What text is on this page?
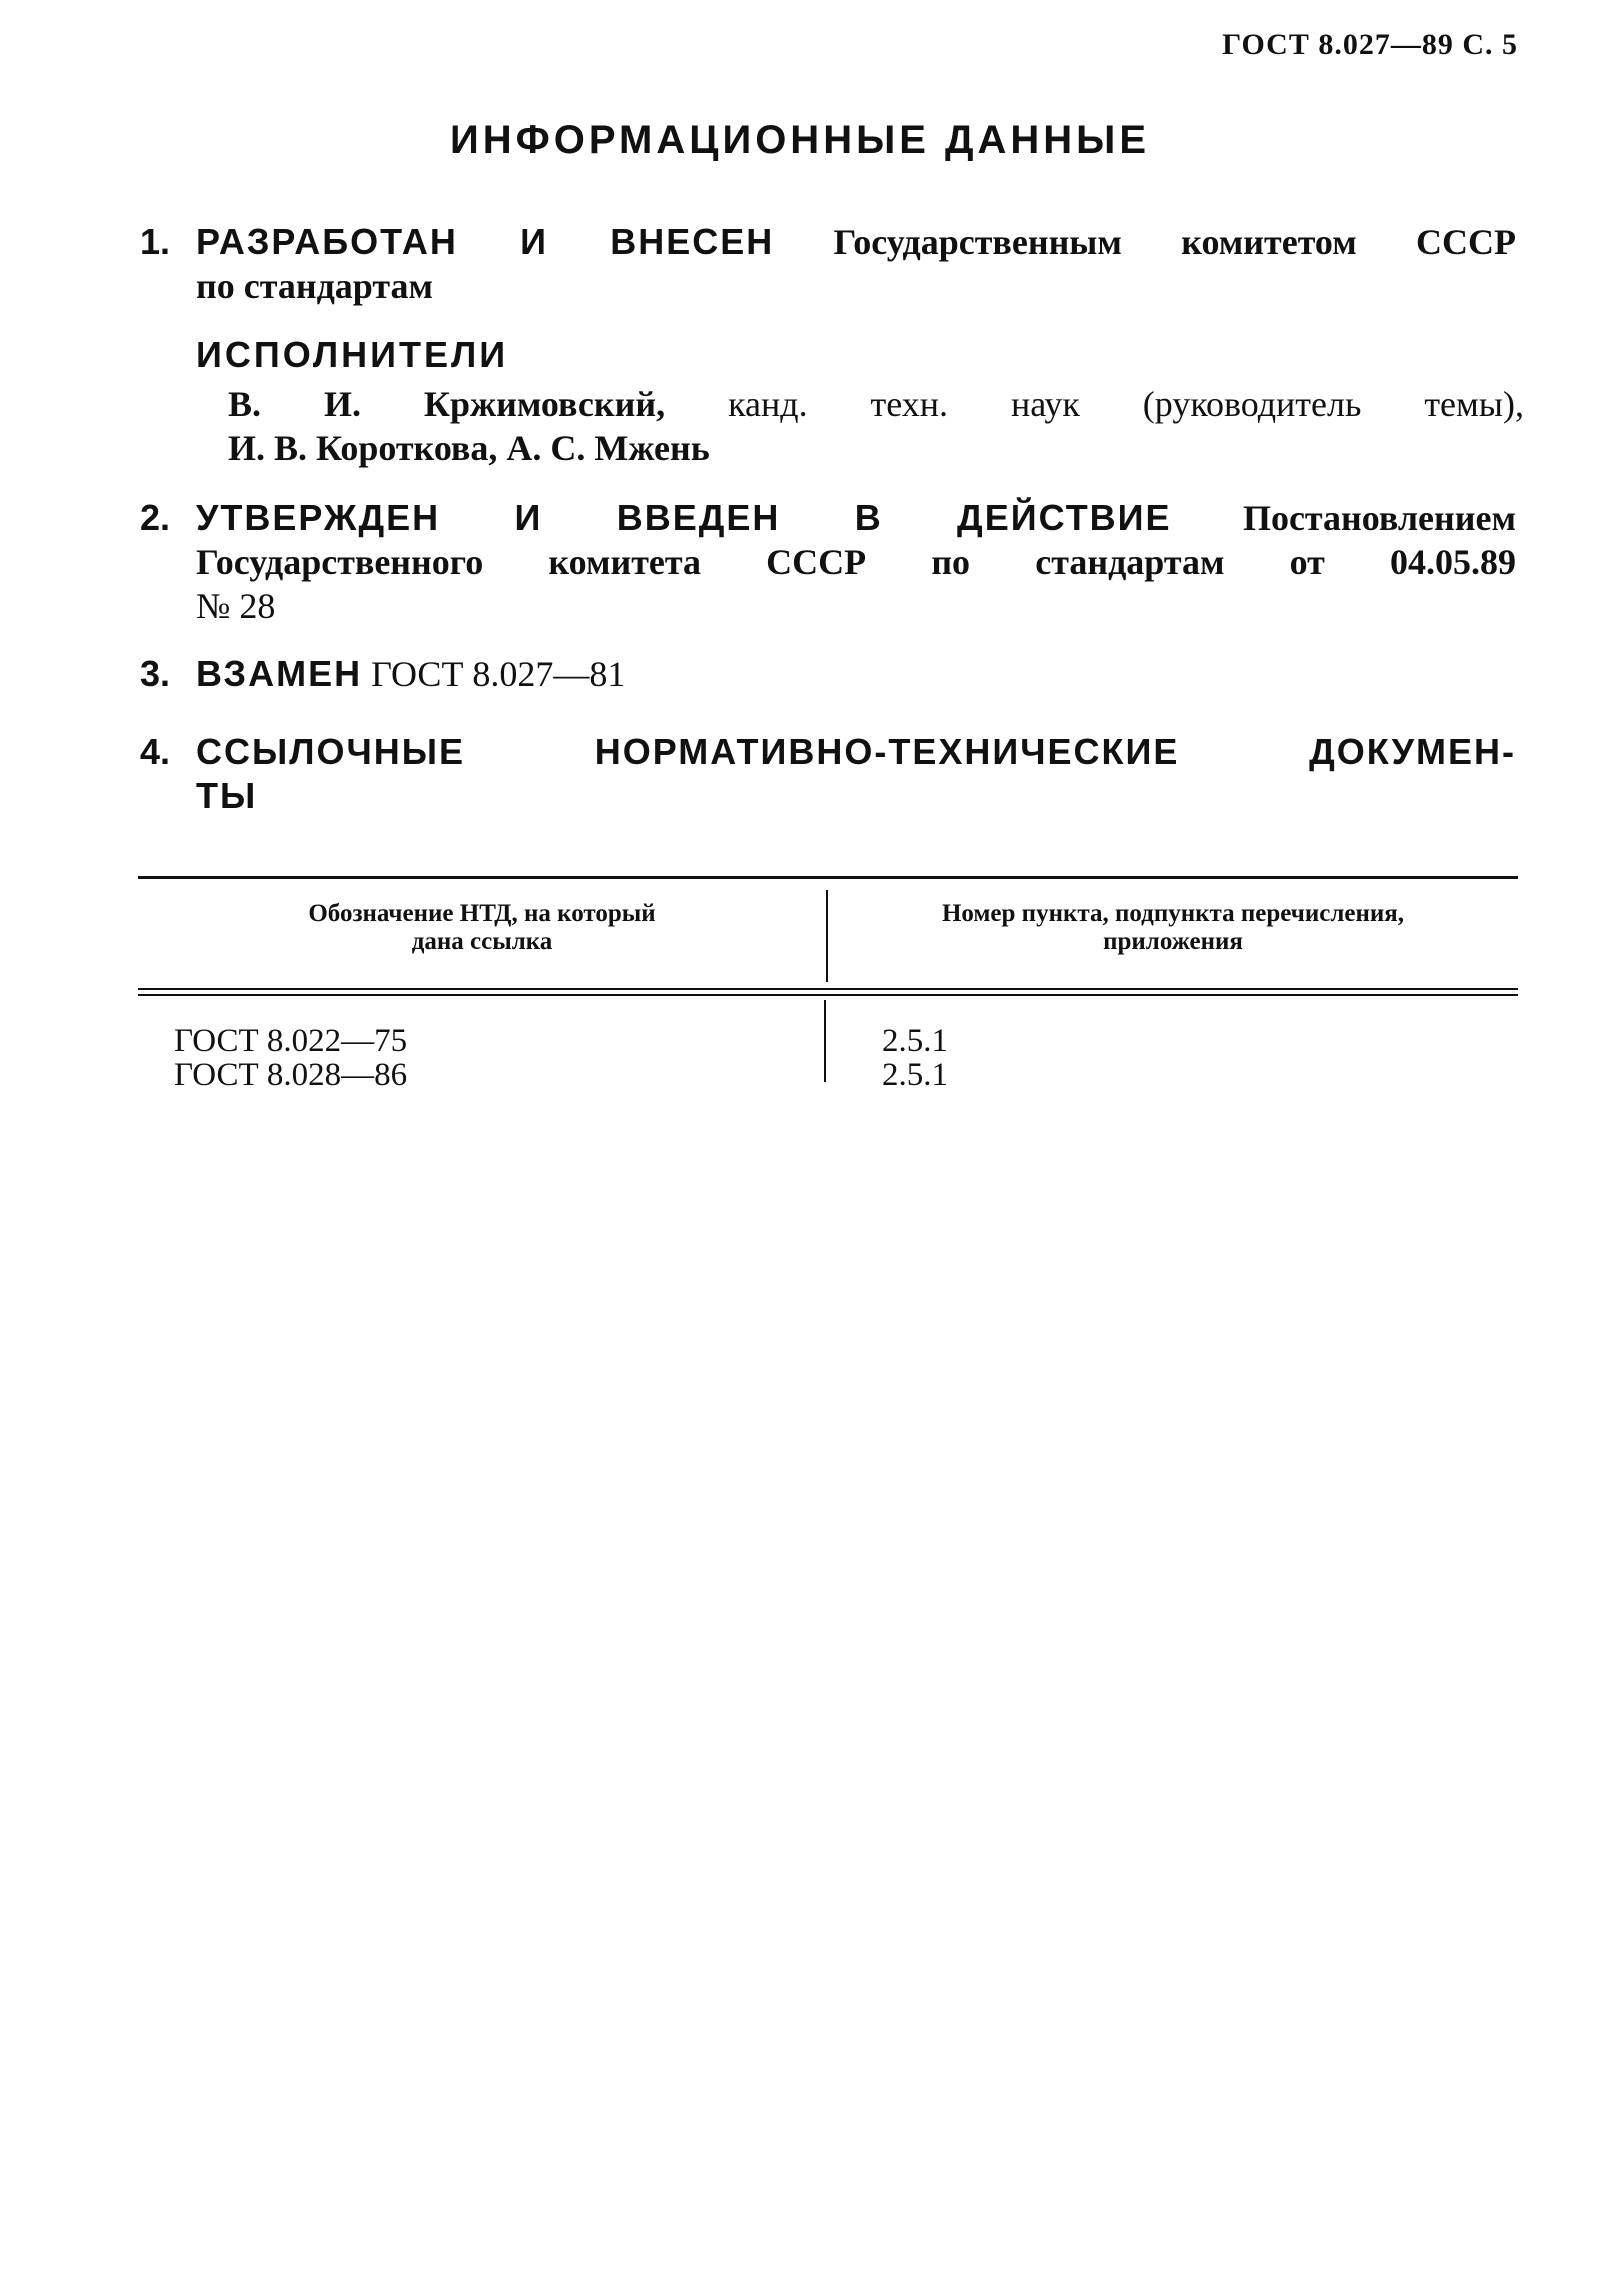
ГОСТ 8.027—89 С. 5
ИНФОРМАЦИОННЫЕ ДАННЫЕ
1. РАЗРАБОТАН И ВНЕСЕН Государственным комитетом СССР
по стандартам
ИСПОЛНИТЕЛИ
В. И. Кржимовский, канд. техн. наук (руководитель темы),
И. В. Короткова, А. С. Мжень
2. УТВЕРЖДЕН И ВВЕДЕН В ДЕЙСТВИЕ Постановлением
Государственного комитета СССР по стандартам от 04.05.89
№ 28
3. ВЗАМЕН ГОСТ 8.027—81
4. ССЫЛОЧНЫЕ НОРМАТИВНО-ТЕХНИЧЕСКИЕ ДОКУМЕН-
ТЫ
Обозначение НТД, на который
дана ссылка
Номер пункта, подпункта перечисления,
приложения
ГОСТ 8.022—75
ГОСТ 8.028—86
2.5.1
2.5.1
